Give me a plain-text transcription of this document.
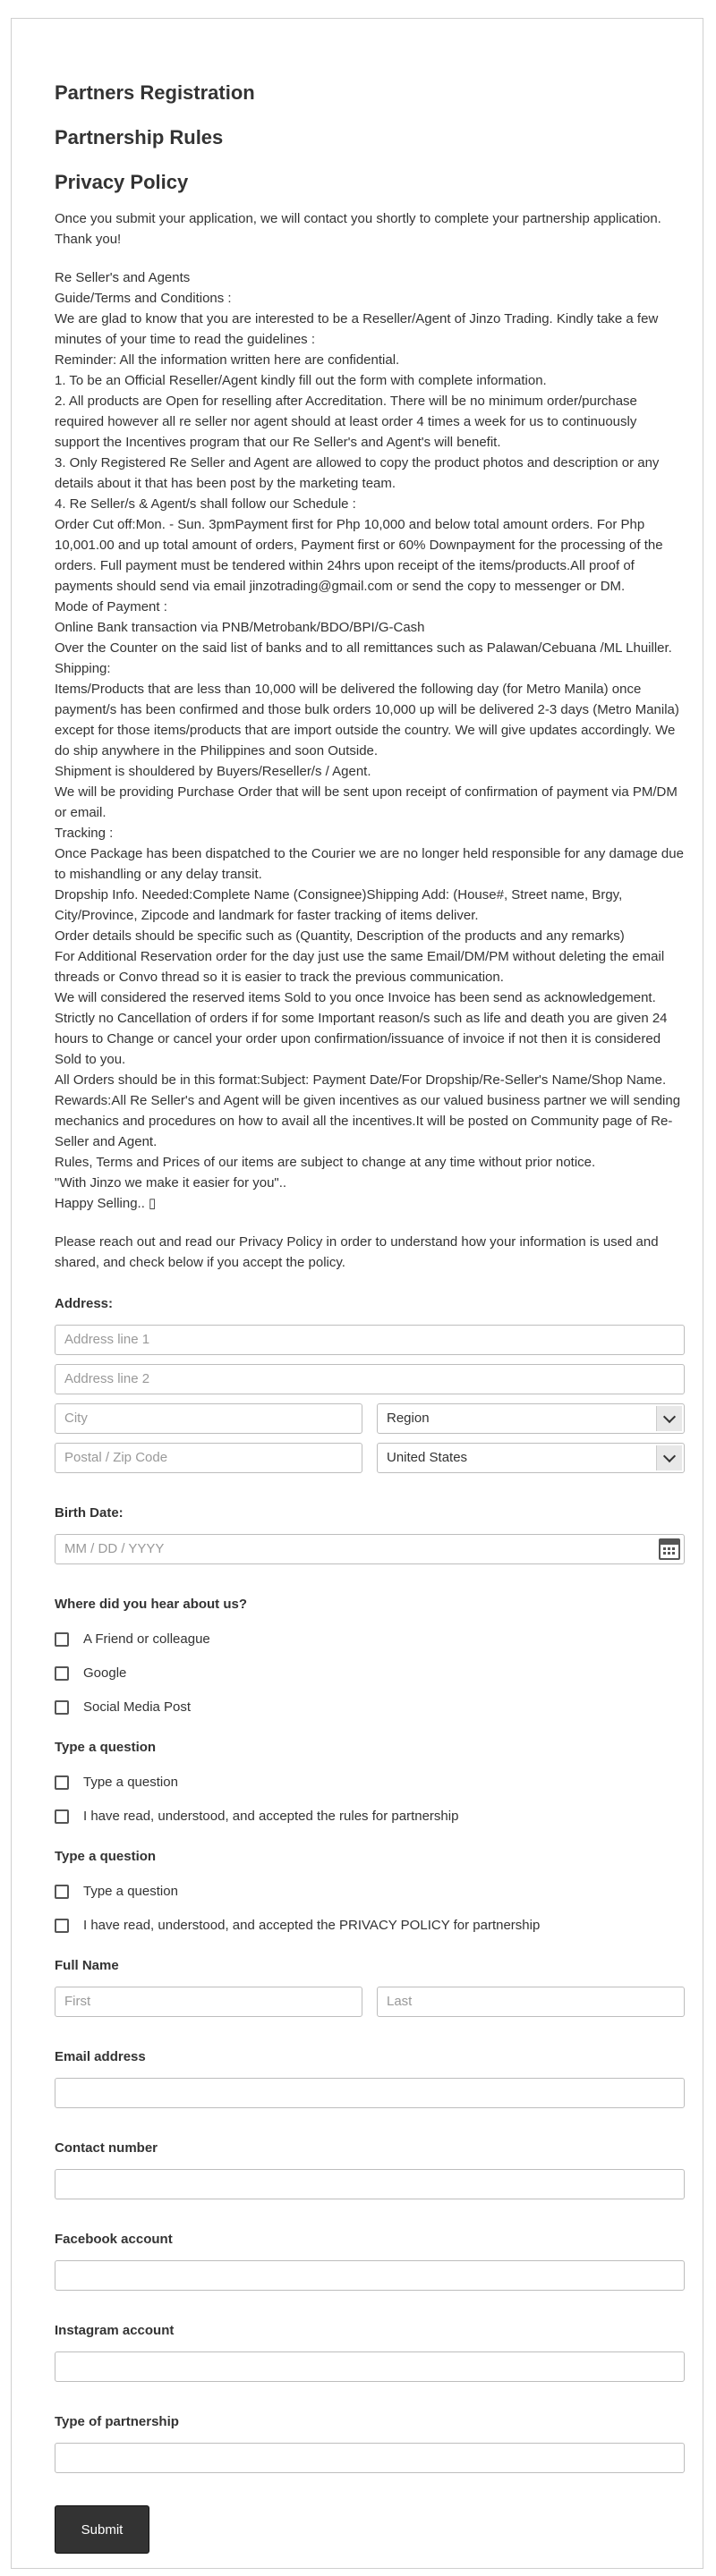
Partners Registration
Partnership Rules
Privacy Policy

Once you submit your application, we will contact you shortly to complete your partnership application.

Thank you!

Re Seller's and Agents

Guide/Terms and Conditions :

We are glad to know that you are interested to be a Reseller/Agent of Jinzo Trading. Kindly take a few minutes of your time to read the guidelines :

Reminder: All the information written here are confidential.

1. To be an Official Reseller/Agent kindly fill out the form with complete information.

2. All products are Open for reselling after Accreditation. There will be no minimum order/purchase required however all re seller nor agent should at least order 4 times a week for us to continuously support the Incentives program that our Re Seller's and Agent's will benefit.

3. Only Registered Re Seller and Agent are allowed to copy the product photos and description or any details about it that has been post by the marketing team.

4. Re Seller/s & Agent/s shall follow our Schedule :

Order Cut off:Mon. - Sun. 3pmPayment first for Php 10,000 and below total amount orders. For Php 10,001.00 and up total amount of orders, Payment first or 60% Downpayment for the processing of the orders. Full payment must be tendered within 24hrs upon receipt of the items/products.All proof of payments should send via email jinzotrading@gmail.com or send the copy to messenger or DM.

Mode of Payment :

Online Bank transaction via PNB/Metrobank/BDO/BPI/G-Cash

Over the Counter on the said list of banks and to all remittances such as Palawan/Cebuana /ML Lhuiller.

Shipping:

Items/Products that are less than 10,000 will be delivered the following day (for Metro Manila) once payment/s has been confirmed and those bulk orders 10,000 up will be delivered 2-3 days (Metro Manila) except for those items/products that are import outside the country. We will give updates accordingly. We do ship anywhere in the Philippines and soon Outside.

Shipment is shouldered by Buyers/Reseller/s / Agent.

We will be providing Purchase Order that will be sent upon receipt of confirmation of payment via PM/DM or email.

Tracking :

Once Package has been dispatched to the Courier we are no longer held responsible for any damage due to mishandling or any delay transit.

Dropship Info. Needed:Complete Name (Consignee)Shipping Add: (House#, Street name, Brgy, City/Province, Zipcode and landmark for faster tracking of items deliver.

Order details should be specific such as (Quantity, Description of the products and any remarks)

For Additional Reservation order for the day just use the same Email/DM/PM without deleting the email threads or Convo thread so it is easier to track the previous communication.

We will considered the reserved items Sold to you once Invoice has been send as acknowledgement.

Strictly no Cancellation of orders if for some Important reason/s such as life and death you are given 24 hours to Change or cancel your order upon confirmation/issuance of invoice if not then it is considered Sold to you.

All Orders should be in this format:Subject: Payment Date/For Dropship/Re-Seller's Name/Shop Name.

Rewards:All Re Seller's and Agent will be given incentives as our valued business partner we will sending mechanics and procedures on how to avail all the incentives.It will be posted on Community page of Re- Seller and Agent.

Rules, Terms and Prices of our items are subject to change at any time without prior notice.

"With Jinzo we make it easier for you"..

Happy Selling.. ▯

Please reach out and read our Privacy Policy in order to understand how your information is used and shared, and check below if you accept the policy.
Address:
Address line 1
Address line 2
City	Region
Postal / Zip Code	United States
Birth Date:
MM / DD / YYYY
Where did you hear about us?
A Friend or colleague
Google
Social Media Post
Type a question
Type a question
I have read, understood, and accepted the rules for partnership
Type a question
Type a question
I have read, understood, and accepted the PRIVACY POLICY for partnership
Full Name
First	Last
Email address
Contact number
Facebook account
Instagram account
Type of partnership
Submit
